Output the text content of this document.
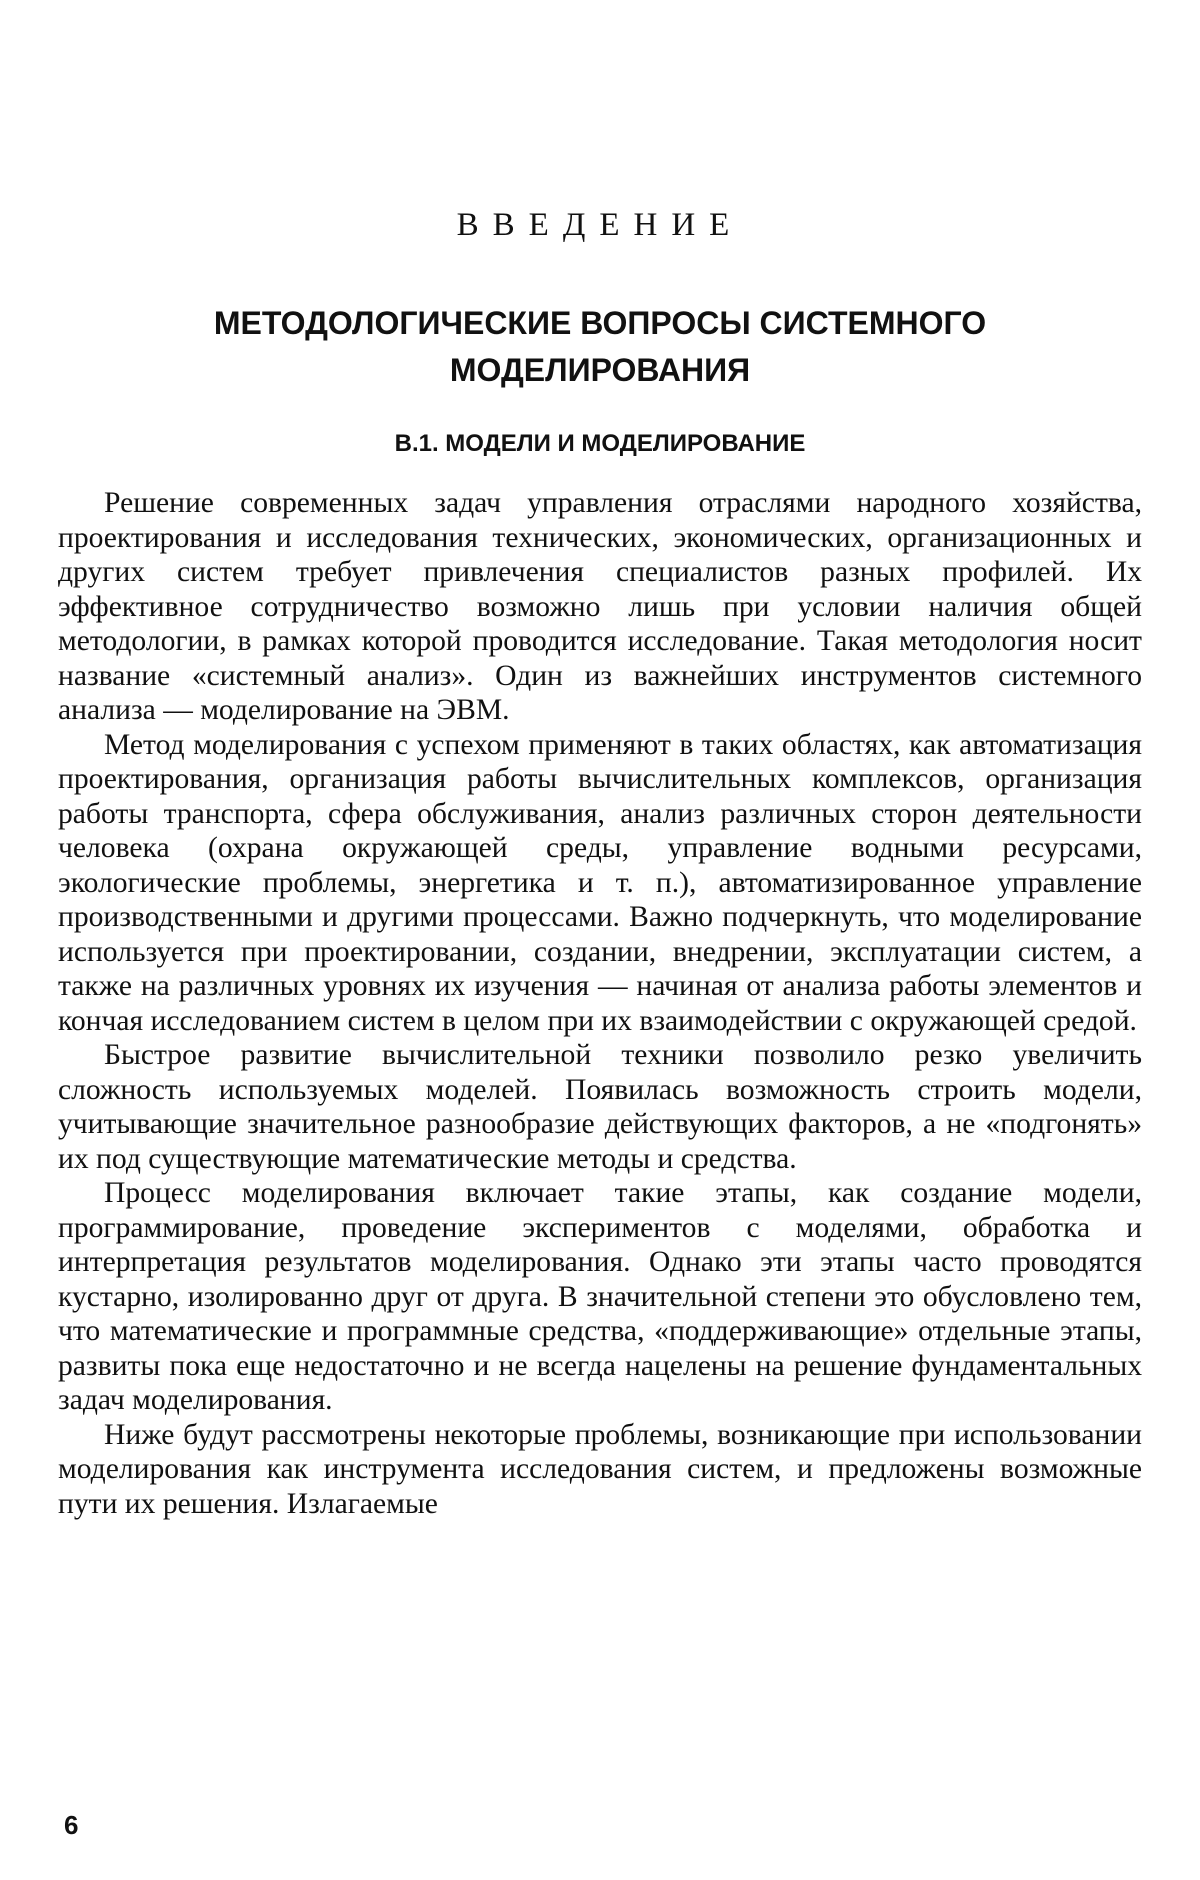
ВВЕДЕНИЕ
МЕТОДОЛОГИЧЕСКИЕ ВОПРОСЫ СИСТЕМНОГО
МОДЕЛИРОВАНИЯ
В.1. МОДЕЛИ И МОДЕЛИРОВАНИЕ

Решение современных задач управления отраслями народного хозяйства, проектирования и исследования технических, экономических, организационных и других систем требует привлечения специалистов разных профилей. Их эффективное сотрудничество возможно лишь при условии наличия общей методологии, в рамках которой проводится исследование. Такая методология носит название «системный анализ». Один из важнейших инструментов системного анализа — моделирование на ЭВМ.

Метод моделирования с успехом применяют в таких областях, как автоматизация проектирования, организация работы вычислительных комплексов, организация работы транспорта, сфера обслуживания, анализ различных сторон деятельности человека (охрана окружающей среды, управление водными ресурсами, экологические проблемы, энергетика и т. п.), автоматизированное управление производственными и другими процессами. Важно подчеркнуть, что моделирование используется при проектировании, создании, внедрении, эксплуатации систем, а также на различных уровнях их изучения — начиная от анализа работы элементов и кончая исследованием систем в целом при их взаимодействии с окружающей средой.

Быстрое развитие вычислительной техники позволило резко увеличить сложность используемых моделей. Появилась возможность строить модели, учитывающие значительное разнообразие действующих факторов, а не «подгонять» их под существующие математические методы и средства.

Процесс моделирования включает такие этапы, как создание модели, программирование, проведение экспериментов с моделями, обработка и интерпретация результатов моделирования. Однако эти этапы часто проводятся кустарно, изолированно друг от друга. В значительной степени это обусловлено тем, что математические и программные средства, «поддерживающие» отдельные этапы, развиты пока еще недостаточно и не всегда нацелены на решение фундаментальных задач моделирования.

Ниже будут рассмотрены некоторые проблемы, возникающие при использовании моделирования как инструмента исследования систем, и предложены возможные пути их решения. Излагаемые

6
